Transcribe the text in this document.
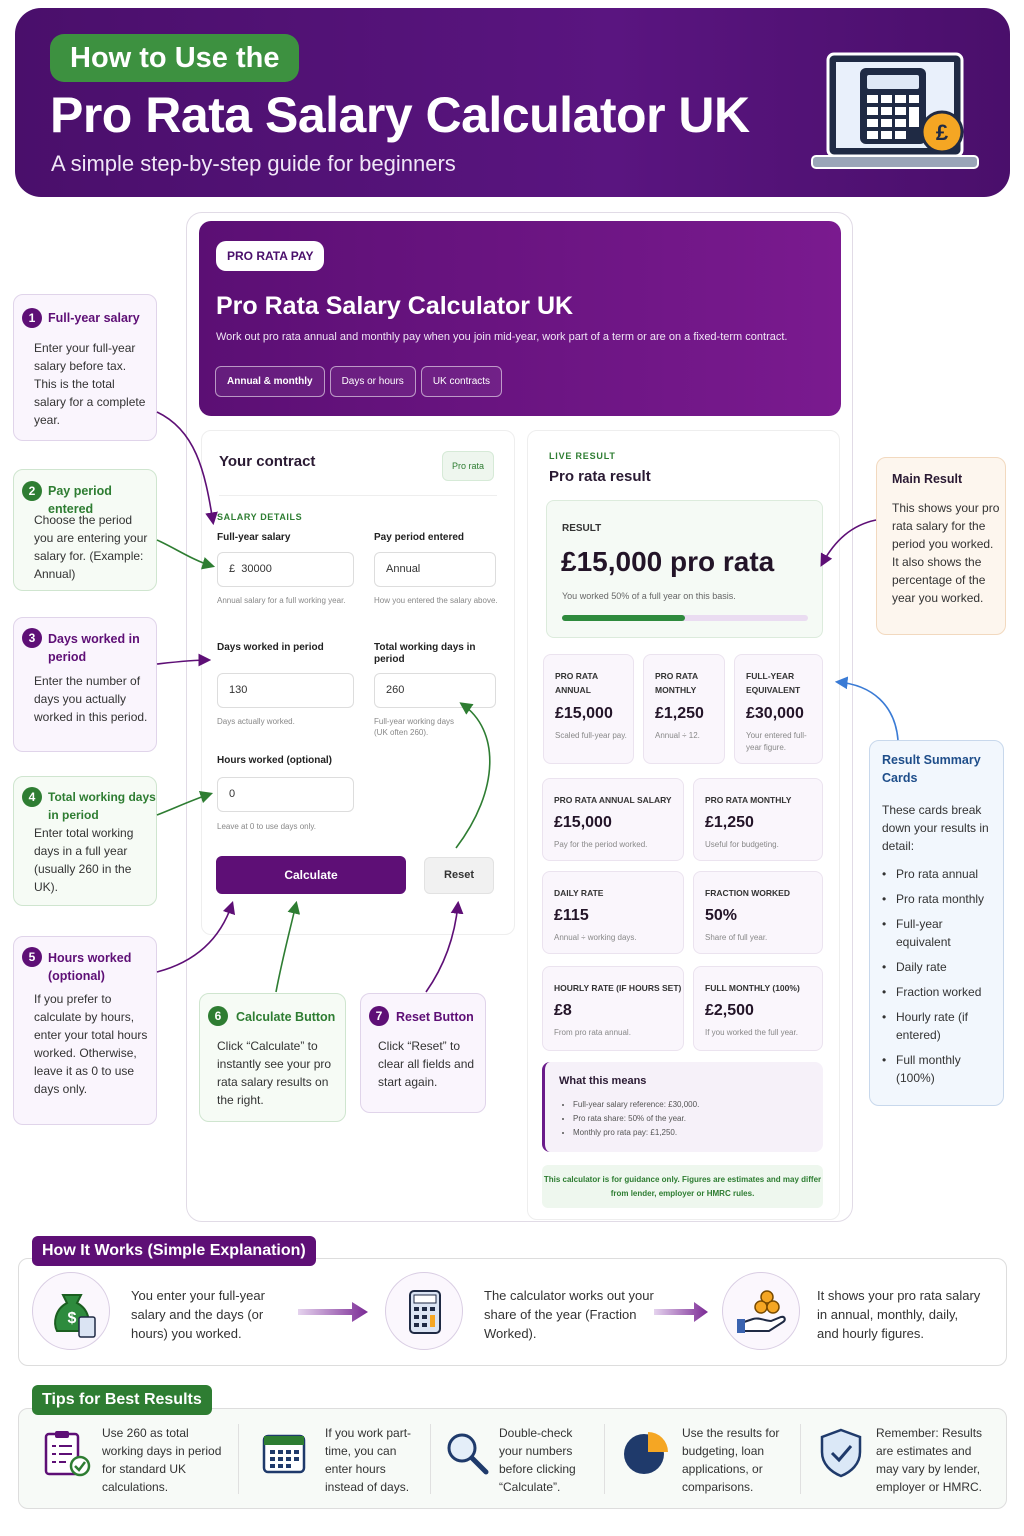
How to Use the
Pro Rata Salary Calculator UK
A simple step-by-step guide for beginners
£
PRO RATA PAY
Pro Rata Salary Calculator UK
Work out pro rata annual and monthly pay when you join mid-year, work part of a term or are on a fixed-term contract.
Annual & monthly	Days or hours	UK contracts
Your contract	Pro rata
SALARY DETAILS
Full-year salary
£ 30000
Annual salary for a full working year.
Pay period entered
Annual
How you entered the salary above.
Days worked in period
130
Days actually worked.
Total working days in period
260
Full-year working days (UK often 260).
Hours worked (optional)
0
Leave at 0 to use days only.
Calculate	Reset
LIVE RESULT
Pro rata result
RESULT
£15,000 pro rata
You worked 50% of a full year on this basis.
PRO RATA ANNUAL
£15,000
Scaled full-year pay.
PRO RATA MONTHLY
£1,250
Annual ÷ 12.
FULL-YEAR EQUIVALENT
£30,000
Your entered full-year figure.
PRO RATA ANNUAL SALARY
£15,000
Pay for the period worked.
PRO RATA MONTHLY
£1,250
Useful for budgeting.
DAILY RATE
£115
Annual ÷ working days.
FRACTION WORKED
50%
Share of full year.
HOURLY RATE (IF HOURS SET)
£8
From pro rata annual.
FULL MONTHLY (100%)
£2,500
If you worked the full year.
What this means
• Full-year salary reference: £30,000.
• Pro rata share: 50% of the year.
• Monthly pro rata pay: £1,250.
This calculator is for guidance only. Figures are estimates and may differ from lender, employer or HMRC rules.
1	Full-year salary
Enter your full-year salary before tax. This is the total salary for a complete year.
2	Pay period entered
Choose the period you are entering your salary for. (Example: Annual)
3	Days worked in period
Enter the number of days you actually worked in this period.
4	Total working days in period
Enter total working days in a full year (usually 260 in the UK).
5	Hours worked (optional)
If you prefer to calculate by hours, enter your total hours worked. Otherwise, leave it as 0 to use days only.
6	Calculate Button
Click “Calculate” to instantly see your pro rata salary results on the right.
7	Reset Button
Click “Reset” to clear all fields and start again.
Main Result
This shows your pro rata salary for the period you worked. It also shows the percentage of the year you worked.
Result Summary Cards
These cards break down your results in detail:
• Pro rata annual
• Pro rata monthly
• Full-year equivalent
• Daily rate
• Fraction worked
• Hourly rate (if entered)
• Full monthly (100%)
How It Works (Simple Explanation)
$
You enter your full-year salary and the days (or hours) you worked.
The calculator works out your share of the year (Fraction Worked).
It shows your pro rata salary in annual, monthly, daily, and hourly figures.
Tips for Best Results
Use 260 as total working days in period for standard UK calculations.
If you work part-time, you can enter hours instead of days.
Double-check your numbers before clicking “Calculate”.
Use the results for budgeting, loan applications, or comparisons.
Remember: Results are estimates and may vary by lender, employer or HMRC.
